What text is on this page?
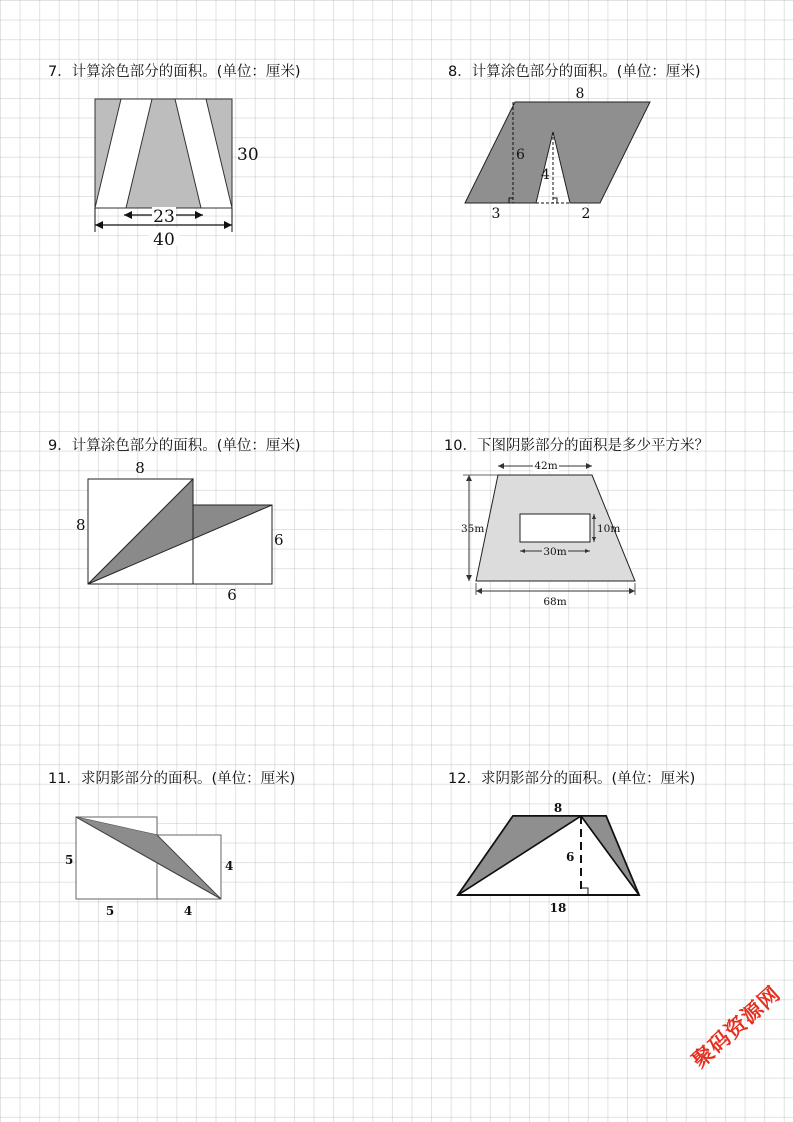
7．计算涂色部分的面积。(单位：厘米)
23
40
30
8．计算涂色部分的面积。(单位：厘米)
8
6
4
3	2
9．计算涂色部分的面积。(单位：厘米)
8
8
6
6
10．下图阴影部分的面积是多少平方米？
42m
35m	10m
30m
68m
11．求阴影部分的面积。(单位：厘米)
5	4
5	4
12．求阴影部分的面积。(单位：厘米)
8
6
18
聚码资源网
